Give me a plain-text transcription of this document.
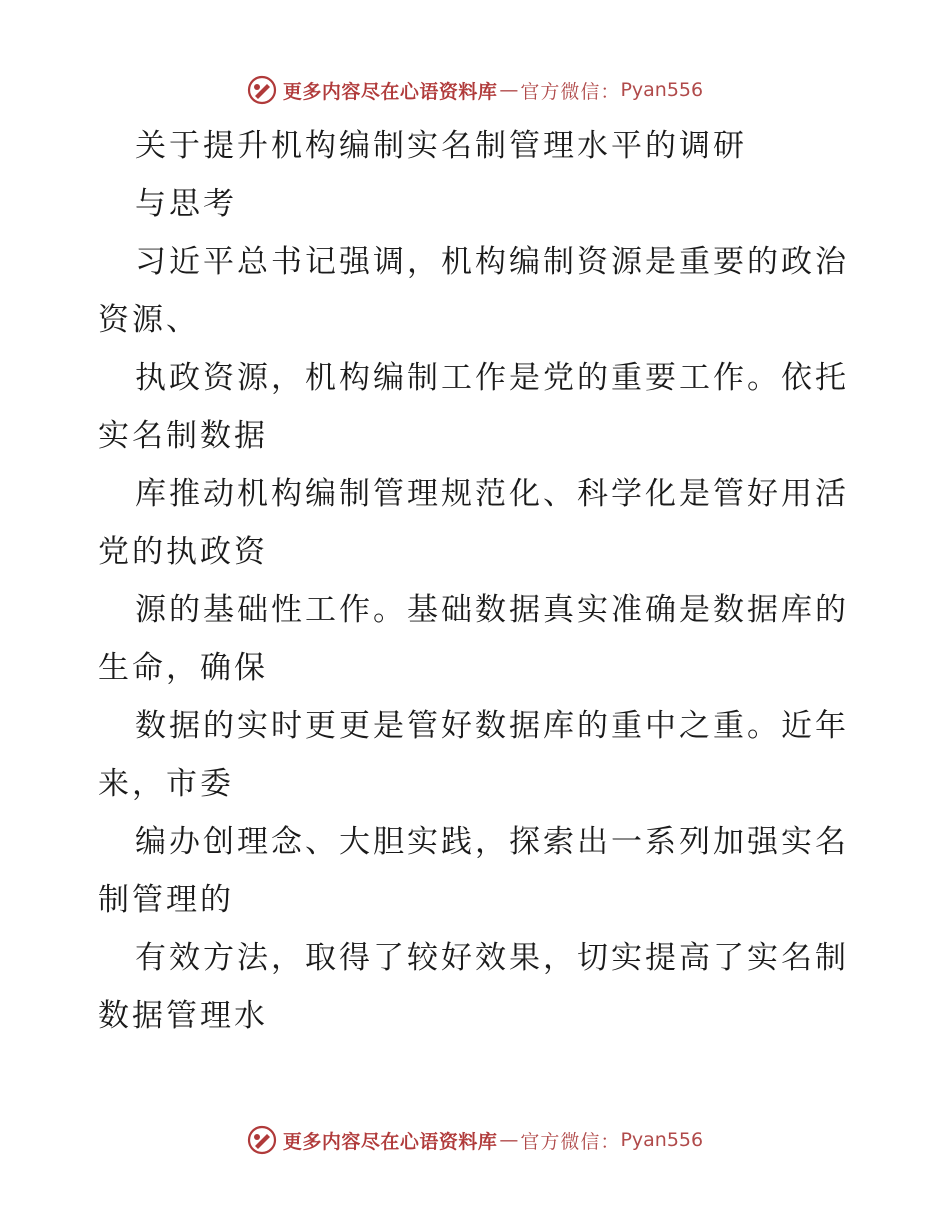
更多内容尽在心语资料库 — 官方微信： Pyan556
关于提升机构编制实名制管理水平的调研
与思考
习近平总书记强调，机构编制资源是重要的政治
资源、
执政资源，机构编制工作是党的重要工作。依托
实名制数据
库推动机构编制管理规范化、科学化是管好用活
党的执政资
源的基础性工作。基础数据真实准确是数据库的
生命，确保
数据的实时更更是管好数据库的重中之重。近年
来，市委
编办创理念、大胆实践，探索出一系列加强实名
制管理的
有效方法，取得了较好效果，切实提高了实名制
数据管理水
更多内容尽在心语资料库 — 官方微信： Pyan556
